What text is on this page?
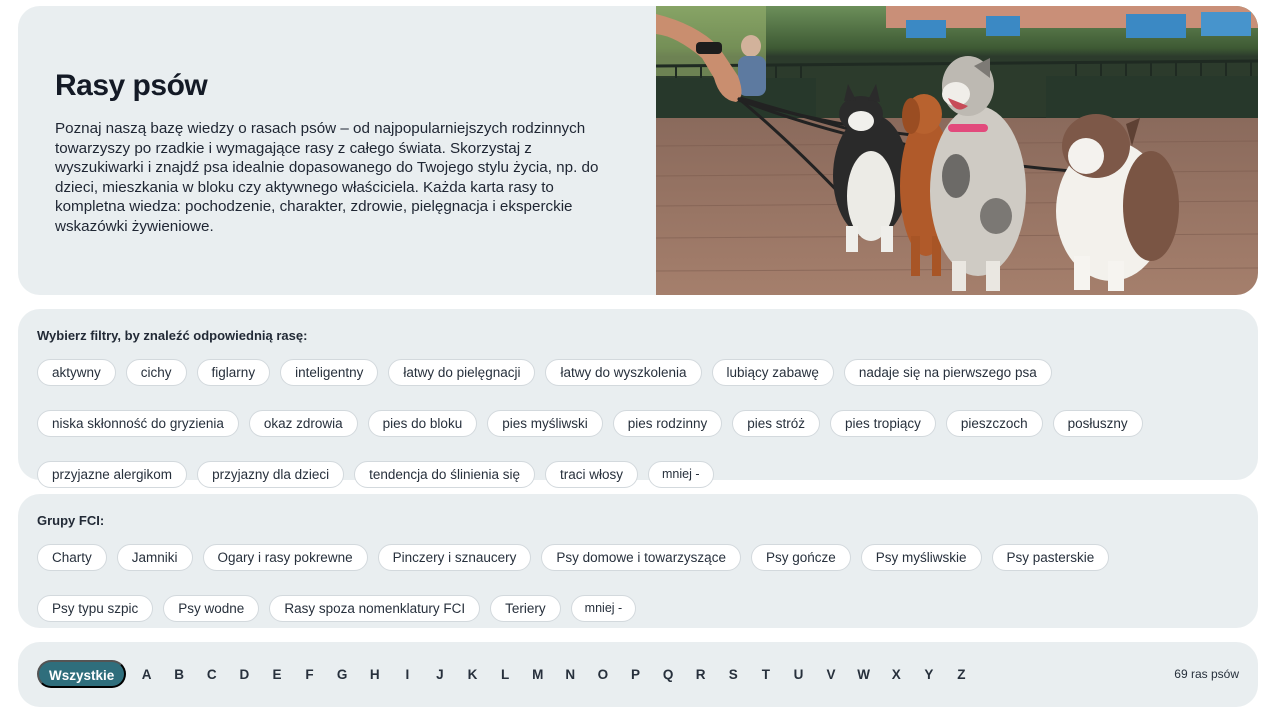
Rasy psów

Poznaj naszą bazę wiedzy o rasach psów – od najpopularniejszych rodzinnych towarzyszy po rzadkie i wymagające rasy z całego świata. Skorzystaj z wyszukiwarki i znajdź psa idealnie dopasowanego do Twojego stylu życia, np. do dzieci, mieszkania w bloku czy aktywnego właściciela. Każda karta rasy to kompletna wiedza: pochodzenie, charakter, zdrowie, pielęgnacja i eksperckie wskazówki żywieniowe.

Wybierz filtry, by znaleźć odpowiednią rasę:
aktywny	cichy	figlarny	inteligentny	łatwy do pielęgnacji	łatwy do wyszkolenia	lubiący zabawę	nadaje się na pierwszego psa
niska skłonność do gryzienia	okaz zdrowia	pies do bloku	pies myśliwski	pies rodzinny	pies stróż	pies tropiący	pieszczoch	posłuszny
przyjazne alergikom	przyjazny dla dzieci	tendencja do ślinienia się	traci włosy	mniej -
Grupy FCI:
Charty	Jamniki	Ogary i rasy pokrewne	Pinczery i sznaucery	Psy domowe i towarzyszące	Psy gończe	Psy myśliwskie	Psy pasterskie
Psy typu szpic	Psy wodne	Rasy spoza nomenklatury FCI	Teriery	mniej -
Wszystkie	A	B	C	D	E	F	G	H	I	J	K	L	M	N	O	P	Q	R	S	T	U	V	W	X	Y	Z	69 ras psów
